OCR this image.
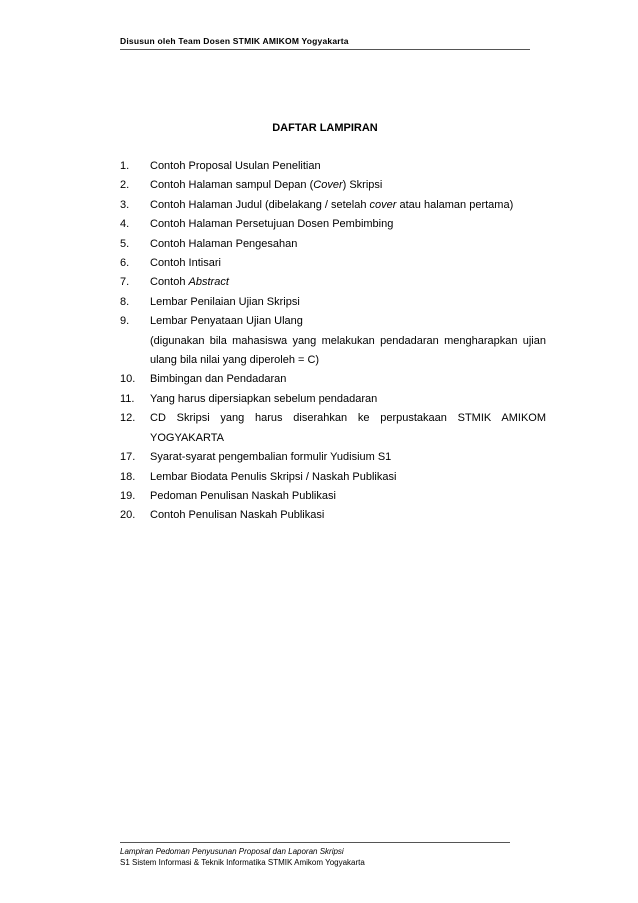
Disusun oleh Team Dosen STMIK AMIKOM Yogyakarta
DAFTAR LAMPIRAN
1.	Contoh Proposal Usulan Penelitian
2.	Contoh Halaman sampul Depan (Cover) Skripsi
3.	Contoh Halaman Judul (dibelakang / setelah cover atau halaman pertama)
4.	Contoh Halaman Persetujuan Dosen Pembimbing
5.	Contoh Halaman Pengesahan
6.	Contoh Intisari
7.	Contoh Abstract
8.	Lembar Penilaian Ujian Skripsi
9.	Lembar Penyataan Ujian Ulang
(digunakan bila mahasiswa yang melakukan pendadaran mengharapkan ujian
ulang bila nilai yang diperoleh = C)
10.	Bimbingan dan Pendadaran
11.	Yang harus dipersiapkan sebelum pendadaran
12.	CD Skripsi yang harus diserahkan ke perpustakaan STMIK AMIKOM
YOGYAKARTA
17.	Syarat-syarat pengembalian formulir Yudisium S1
18.	Lembar Biodata Penulis Skripsi / Naskah Publikasi
19.	Pedoman Penulisan Naskah Publikasi
20.	Contoh Penulisan Naskah Publikasi
Lampiran Pedoman Penyusunan Proposal dan Laporan Skripsi
S1 Sistem Informasi & Teknik Informatika STMIK Amikom Yogyakarta
